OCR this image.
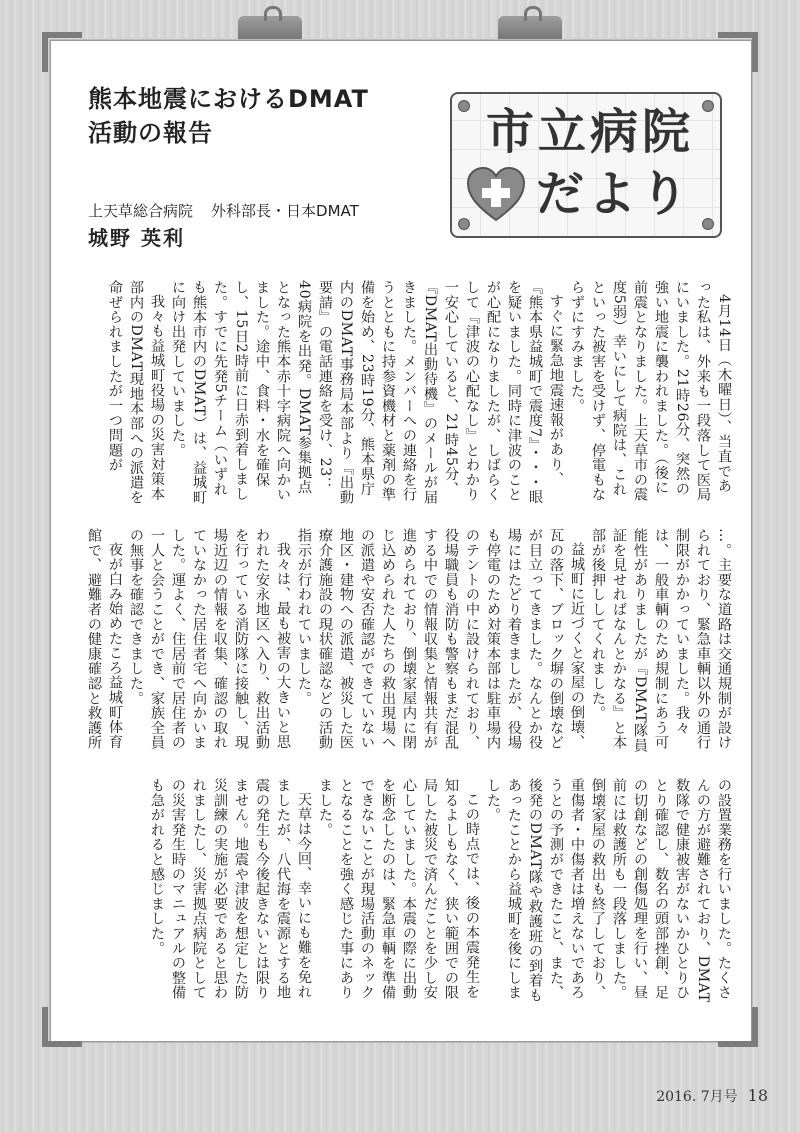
熊本地震におけるDMAT
活動の報告	市立病院
だより
上天草総合病院 外科部長・日本DMAT
城野 英利

4月14日（木曜日）、当直であった私は、外来も一段落して医局にいました。21時26分、突然の強い地震に襲われました。（後に前震となりました。上天草市の震度5弱）幸いにして病院は、これといった被害を受けず、停電もならずにすみました。

すぐに緊急地震速報があり、『熊本県益城町で震度7』・・・眼を疑いました。同時に津波のことが心配になりましたが、しばらくして『津波の心配なし』とわかり一安心していると、21時45分、『DMAT出動待機』のメールが届きました。メンバーへの連絡を行うとともに持参資機材と薬剤の準備を始め、23時19分、熊本県庁内のDMAT事務局本部より『出動要請』の電話連絡を受け、23：40病院を出発。DMAT参集拠点となった熊本赤十字病院へ向かいました。途中、食料・水を確保し、15日2時前に日赤到着しました。すでに先発5チーム（いずれも熊本市内のDMAT）は、益城町に向け出発していました。

我々も益城町役場の災害対策本部内のDMAT現地本部への派遣を命ぜられましたが一つ問題が

…。主要な道路は交通規制が設けられており、緊急車輌以外の通行制限がかかっていました。我々は、一般車輌のため規制にあう可能性がありましたが『DMAT隊員証を見せればなんとかなる』と本部が後押ししてくれました。

益城町に近づくと家屋の倒壊、瓦の落下、ブロック塀の倒壊などが目立ってきました。なんとか役場にはたどり着きましたが、役場も停電のため対策本部は駐車場内のテントの中に設けられており、役場職員も消防も警察もまだ混乱する中での情報収集と情報共有が進められており、倒壊家屋内に閉じ込められた人たちの救出現場への派遣や安否確認ができていない地区・建物への派遣、被災した医療介護施設の現状確認などの活動指示が行われていました。

我々は、最も被害の大きいと思われた安永地区へ入り、救出活動を行っている消防隊に接触し、現場近辺の情報を収集、確認の取れていなかった居住者宅へ向かいました。運よく、住居前で居住者の一人と会うことができ、家族全員の無事を確認できました。

夜が白み始めたころ益城町体育館で、避難者の健康確認と救護所

の設置業務を行いました。たくさんの方が避難されており、DMAT数隊で健康被害がないかひとりひとり確認し、数名の頭部挫創、足の切創などの創傷処理を行い、昼前には救護所も一段落しました。倒壊家屋の救出も終了しており、重傷者・中傷者は増えないであろうとの予測ができたこと、また、後発のDMAT隊や救護班の到着もあったことから益城町を後にしました。

この時点では、後の本震発生を知るよしもなく、狭い範囲での限局した被災で済んだことを少し安心していました。本震の際に出動を断念したのは、緊急車輌を準備できないことが現場活動のネックとなることを強く感じた事にありました。

天草は今回、幸いにも難を免れましたが、八代海を震源とする地震の発生も今後起きないとは限りません。地震や津波を想定した防災訓練の実施が必要であると思われましたし、災害拠点病院としての災害発生時のマニュアルの整備も急がれると感じました。

2016. 7月号 18
